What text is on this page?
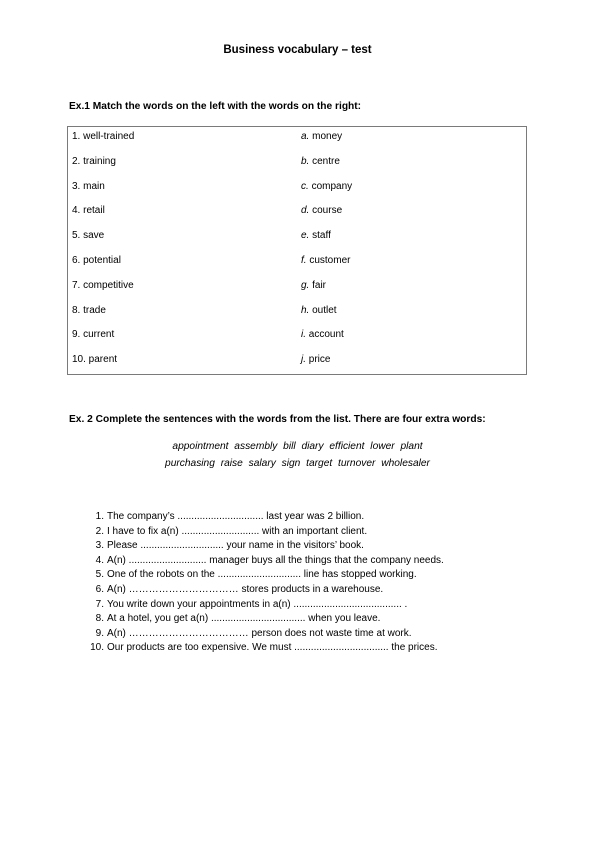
Business vocabulary – test
Ex.1 Match the words on the left with the words on the right:
1. well-trained	a. money
2. training	b. centre
3. main	c. company
4. retail	d. course
5. save	e. staff
6. potential	f. customer
7. competitive	g. fair
8. trade	h. outlet
9. current	i. account
10. parent	j. price
Ex. 2 Complete the sentences with the words from the list. There are four extra words:
appointment assembly bill diary efficient lower plant
purchasing raise salary sign target turnover wholesaler
1. The company’s ............................... last year was 2 billion.
2. I have to fix a(n) ............................ with an important client.
3. Please .............................. your name in the visitors’ book.
4. A(n) ............................ manager buys all the things that the company needs.
5. One of the robots on the .............................. line has stopped working.
6. A(n) …………………………… stores products in a warehouse.
7. You write down your appointments in a(n) ....................................... .
8. At a hotel, you get a(n) .................................. when you leave.
9. A(n) ……………………………… person does not waste time at work.
10. Our products are too expensive. We must .................................. the prices.
